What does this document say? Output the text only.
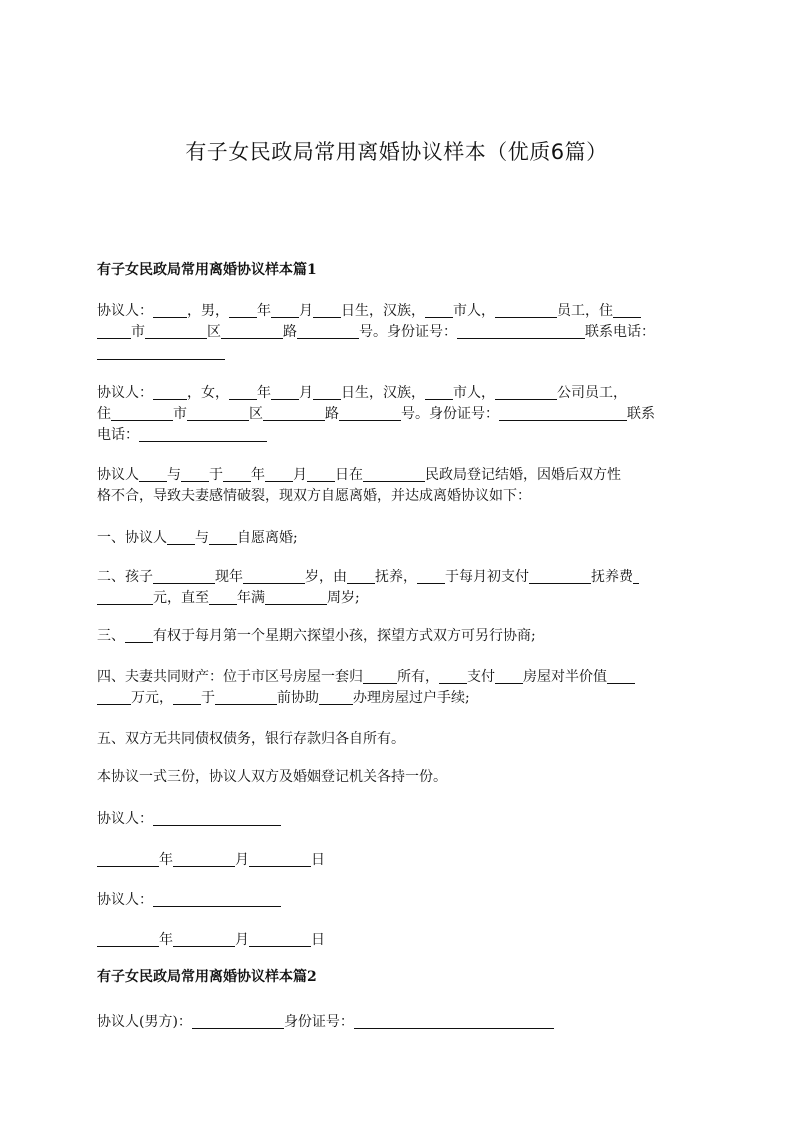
有子女民政局常用离婚协议样本（优质6篇）
有子女民政局常用离婚协议样本篇1
协议人： ，男， 年 月 日生，汉族， 市人，	员工，住
市	区	路	号。身份证号：	联系电话：
协议人： ，女， 年 月 日生，汉族， 市人，	公司员工，
住	市	区	路	号。身份证号：	联系
电话：
协议人 与 于 年 月 日在	民政局登记结婚，因婚后双方性
格不合，导致夫妻感情破裂，现双方自愿离婚，并达成离婚协议如下：
一、协议人 与 自愿离婚;
二、孩子	现年	岁，由 抚养， 于每月初支付	抚养费
元，直至 年满	周岁;
三、 有权于每月第一个星期六探望小孩，探望方式双方可另行协商;
四、夫妻共同财产：位于市区号房屋一套归 所有， 支付 房屋对半价值
万元， 于	前协助 办理房屋过户手续;
五、双方无共同债权债务，银行存款归各自所有。
本协议一式三份，协议人双方及婚姻登记机关各持一份。
协议人：
年	月	日
协议人：
年	月	日
有子女民政局常用离婚协议样本篇2
协议人(男方)：	身份证号：
